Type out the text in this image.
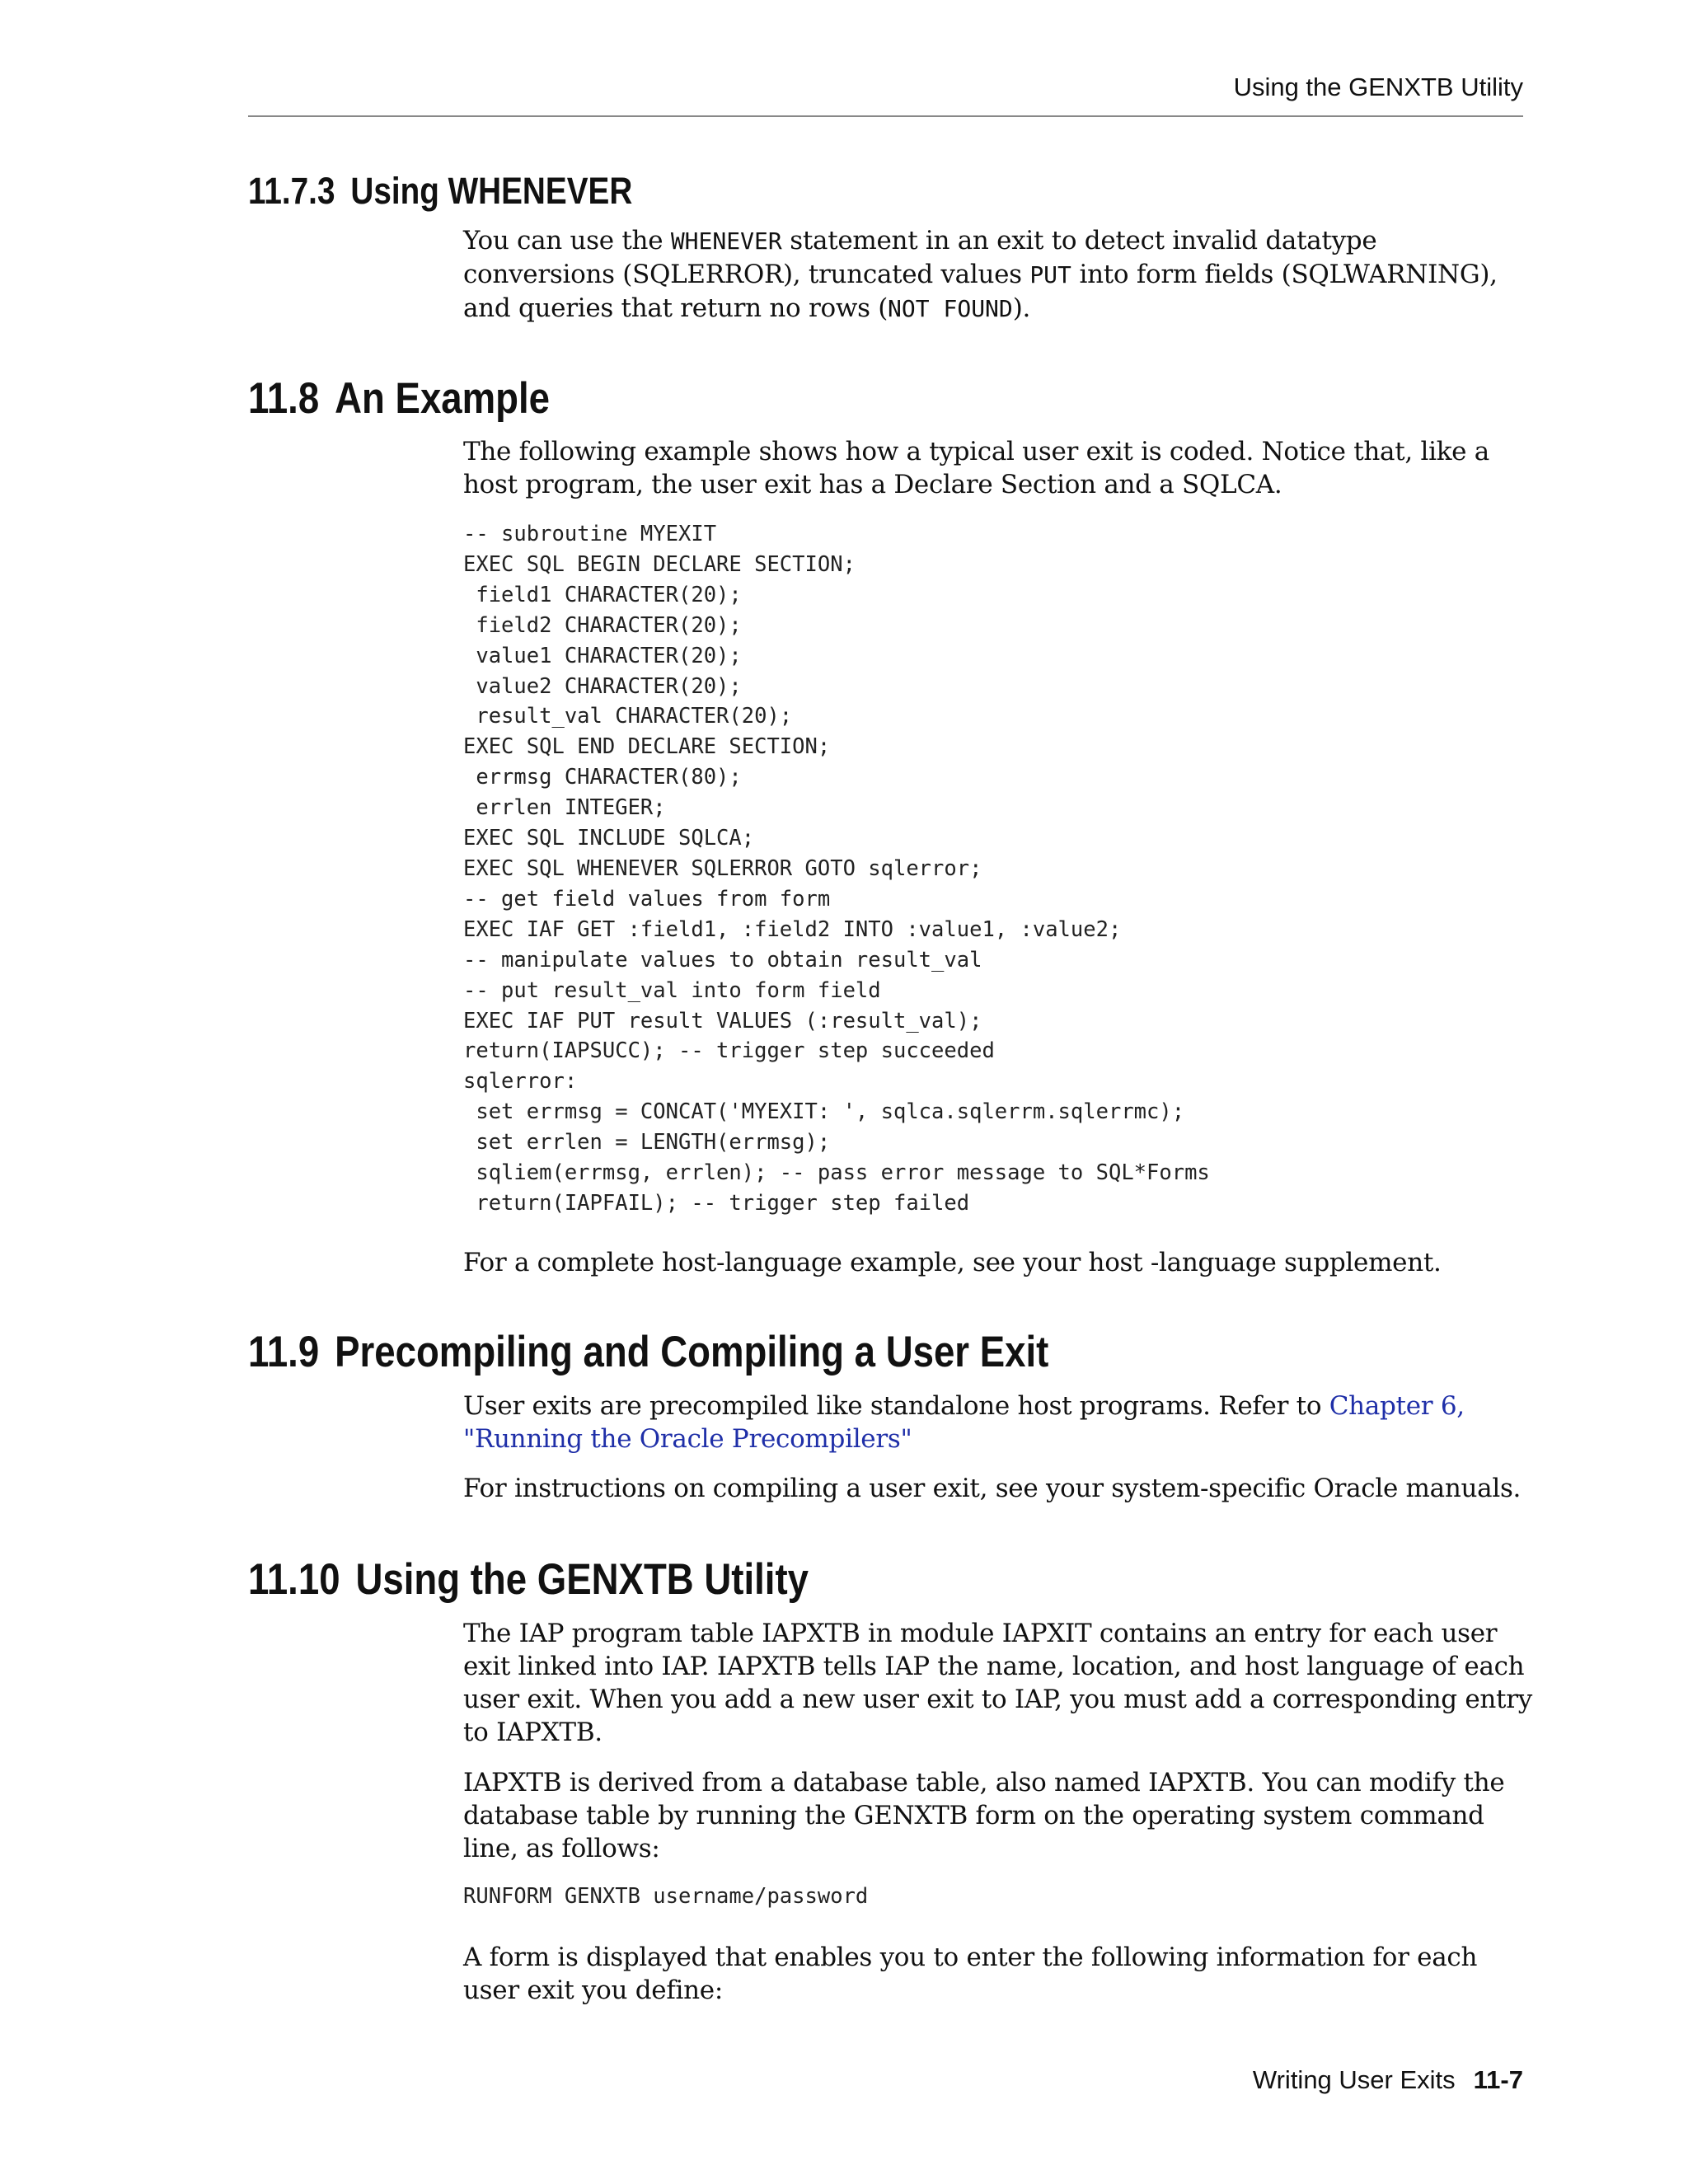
Using the GENXTB Utility
11.7.3 Using WHENEVER

You can use the WHENEVER statement in an exit to detect invalid datatype conversions (SQLERROR), truncated values PUT into form fields (SQLWARNING), and queries that return no rows (NOT FOUND).

11.8 An Example

The following example shows how a typical user exit is coded. Notice that, like a host program, the user exit has a Declare Section and a SQLCA.

-- subroutine MYEXIT
EXEC SQL BEGIN DECLARE SECTION;
field1 CHARACTER(20);
field2 CHARACTER(20);
value1 CHARACTER(20);
value2 CHARACTER(20);
result_val CHARACTER(20);
EXEC SQL END DECLARE SECTION;
errmsg CHARACTER(80);
errlen INTEGER;
EXEC SQL INCLUDE SQLCA;
EXEC SQL WHENEVER SQLERROR GOTO sqlerror;
-- get field values from form
EXEC IAF GET :field1, :field2 INTO :value1, :value2;
-- manipulate values to obtain result_val
-- put result_val into form field
EXEC IAF PUT result VALUES (:result_val);
return(IAPSUCC); -- trigger step succeeded
sqlerror:
set errmsg = CONCAT('MYEXIT: ', sqlca.sqlerrm.sqlerrmc);
set errlen = LENGTH(errmsg);
sqliem(errmsg, errlen); -- pass error message to SQL*Forms
return(IAPFAIL); -- trigger step failed

For a complete host-language example, see your host -language supplement.

11.9 Precompiling and Compiling a User Exit

User exits are precompiled like standalone host programs. Refer to Chapter 6, "Running the Oracle Precompilers"

For instructions on compiling a user exit, see your system-specific Oracle manuals.

11.10 Using the GENXTB Utility

The IAP program table IAPXTB in module IAPXIT contains an entry for each user exit linked into IAP. IAPXTB tells IAP the name, location, and host language of each user exit. When you add a new user exit to IAP, you must add a corresponding entry to IAPXTB.

IAPXTB is derived from a database table, also named IAPXTB. You can modify the database table by running the GENXTB form on the operating system command line, as follows:

RUNFORM GENXTB username/password

A form is displayed that enables you to enter the following information for each user exit you define:

Writing User Exits 11-7
